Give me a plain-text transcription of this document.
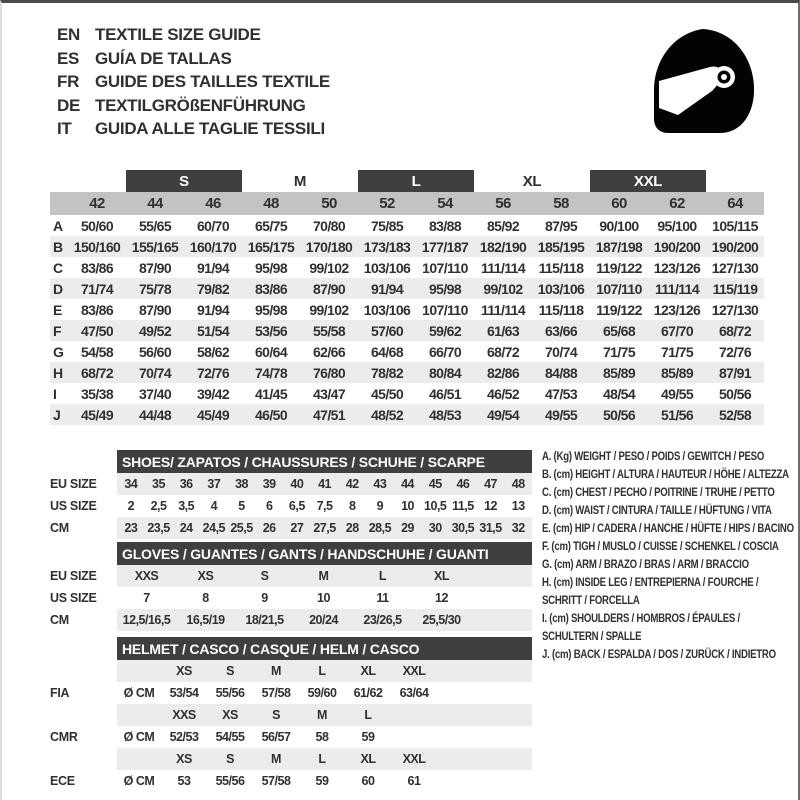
EN TEXTILE SIZE GUIDE
ES GUÍA DE TALLAS
FR GUIDE DES TAILLES TEXTILE
DE TEXTILGRÖßENFÜHRUNG
IT	GUIDA ALLE TAGLIE TESSILI
S	M	L	XL	XXL
42	44	46	48	50	52	54	56	58	60	62	64
A	50/60	55/65	60/70	65/75	70/80	75/85	83/88	85/92	87/95	90/100	95/100	105/115
B 150/160 155/165 160/170 165/175 170/180 173/183 177/187 182/190 185/195 187/198 190/200 190/200
C	83/86	87/90	91/94	95/98	99/102	103/106 107/110 111/114 115/118 119/122 123/126 127/130
D	71/74	75/78	79/82	83/86	87/90	91/94	95/98	99/102	103/106 107/110 111/114 115/119
E	83/86	87/90	91/94	95/98	99/102	103/106 107/110 111/114 115/118 119/122 123/126 127/130
F	47/50	49/52	51/54	53/56	55/58	57/60	59/62	61/63	63/66	65/68	67/70	68/72
G	54/58	56/60	58/62	60/64	62/66	64/68	66/70	68/72	70/74	71/75	71/75	72/76
H	68/72	70/74	72/76	74/78	76/80	78/82	80/84	82/86	84/88	85/89	85/89	87/91
I	35/38	37/40	39/42	41/45	43/47	45/50	46/51	46/52	47/53	48/54	49/55	50/56
J	45/49	44/48	45/49	46/50	47/51	48/52	48/53	49/54	49/55	50/56	51/56	52/58
SHOES/ ZAPATOS / CHAUSSURES / SCHUHE / SCARPE
EU SIZE	34	35	36	37	38	39	40	41	42	43	44	45	46	47	48
US SIZE	2	2,5 3,5	4	5	6	6,5 7,5	8	9	10 10,5 11,5 12	13
CM	23 23,5 24 24,5 25,5 26	27 27,5 28 28,5 29	30 30,5 31,5 32
GLOVES / GUANTES / GANTS / HANDSCHUHE / GUANTI
EU SIZE	XXS	XS	S	M	L	XL
US SIZE	7	8	9	10	11	12
CM	12,5/16,5	16,5/19	18/21,5	20/24	23/26,5	25,5/30
HELMET / CASCO / CASQUE / HELM / CASCO
XS	S	M	L	XL	XXL
FIA	Ø CM	53/54	55/56	57/58	59/60	61/62	63/64
XXS	XS	S	M	L
CMR	Ø CM	52/53	54/55	56/57	58	59
XS	S	M	L	XL	XXL
ECE	Ø CM	53	55/56	57/58	59	60	61
A. (Kg) WEIGHT / PESO / POIDS / GEWITCH / PESO
B. (cm) HEIGHT / ALTURA / HAUTEUR / HÖHE / ALTEZZA
C. (cm) CHEST / PECHO / POITRINE / TRUHE / PETTO
D. (cm) WAIST / CINTURA / TAILLE / HÜFTUNG / VITA
E. (cm) HIP / CADERA / HANCHE / HÜFTE / HIPS / BACINO
F. (cm) TIGH / MUSLO / CUISSE / SCHENKEL / COSCIA
G. (cm) ARM / BRAZO / BRAS / ARM / BRACCIO
H. (cm) INSIDE LEG / ENTREPIERNA / FOURCHE /
SCHRITT / FORCELLA
I. (cm) SHOULDERS / HOMBROS / ÉPAULES /
SCHULTERN / SPALLE
J. (cm) BACK / ESPALDA / DOS / ZURÜCK / INDIETRO
